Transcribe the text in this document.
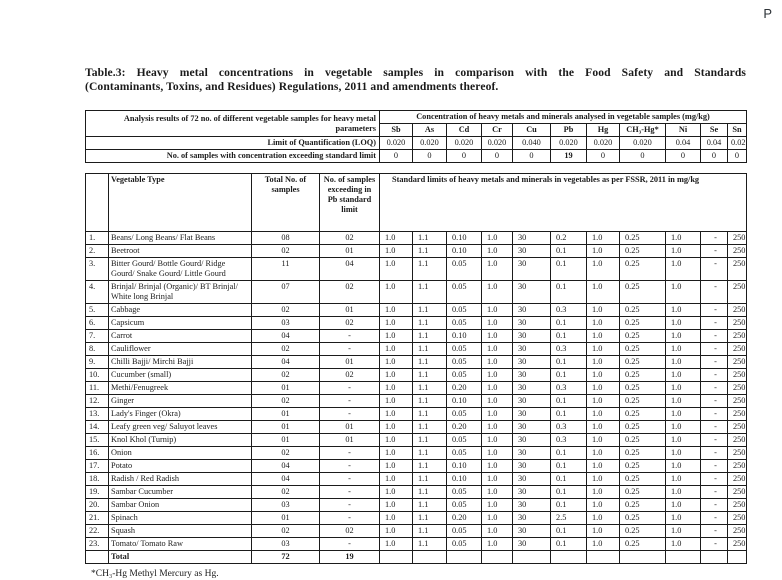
P
Table.3: Heavy metal concentrations in vegetable samples in comparison with the Food Safety and Standards
(Contaminants, Toxins, and Residues) Regulations, 2011 and amendments thereof.
Analysis results of 72 no. of different vegetable samples for heavy metal parameters	Concentration of heavy metals and minerals analysed in vegetable samples (mg/kg)										
	Sb	As	Cd	Cr	Cu	Pb	Hg	CH₃-Hg*	Ni	Se	Sn
Limit of Quantification (LOQ)	0.020	0.020	0.020	0.020	0.040	0.020	0.020	0.020	0.04	0.04	0.02
No. of samples with concentration exceeding standard limit	0	0	0	0	0	19	0	0	0	0	0
	Vegetable Type	Total No. of samples	No. of samples exceeding in Pb standard limit	Standard limits of heavy metals and minerals in vegetables as per FSSR, 2011 in mg/kg										
1.	Beans/ Long Beans/ Flat Beans	08	02	1.0	1.1	0.10	1.0	30	0.2	1.0	0.25	1.0	-	250
2.	Beetroot	02	01	1.0	1.1	0.10	1.0	30	0.1	1.0	0.25	1.0	-	250
3.	Bitter Gourd/ Bottle Gourd/ Ridge Gourd/ Snake Gourd/ Little Gourd	11	04	1.0	1.1	0.05	1.0	30	0.1	1.0	0.25	1.0	-	250
4.	Brinjal/ Brinjal (Organic)/ BT Brinjal/ White long Brinjal	07	02	1.0	1.1	0.05	1.0	30	0.1	1.0	0.25	1.0	-	250
5.	Cabbage	02	01	1.0	1.1	0.05	1.0	30	0.3	1.0	0.25	1.0	-	250
6.	Capsicum	03	02	1.0	1.1	0.05	1.0	30	0.1	1.0	0.25	1.0	-	250
7.	Carrot	04	-	1.0	1.1	0.10	1.0	30	0.1	1.0	0.25	1.0	-	250
8.	Cauliflower	02	-	1.0	1.1	0.05	1.0	30	0.3	1.0	0.25	1.0	-	250
9.	Chilli Bajji/ Mirchi Bajji	04	01	1.0	1.1	0.05	1.0	30	0.1	1.0	0.25	1.0	-	250
10.	Cucumber (small)	02	02	1.0	1.1	0.05	1.0	30	0.1	1.0	0.25	1.0	-	250
11.	Methi/Fenugreek	01	-	1.0	1.1	0.20	1.0	30	0.3	1.0	0.25	1.0	-	250
12.	Ginger	02	-	1.0	1.1	0.10	1.0	30	0.1	1.0	0.25	1.0	-	250
13.	Lady's Finger (Okra)	01	-	1.0	1.1	0.05	1.0	30	0.1	1.0	0.25	1.0	-	250
14.	Leafy green veg/ Saluyot leaves	01	01	1.0	1.1	0.20	1.0	30	0.3	1.0	0.25	1.0	-	250
15.	Knol Khol (Turnip)	01	01	1.0	1.1	0.05	1.0	30	0.3	1.0	0.25	1.0	-	250
16.	Onion	02	-	1.0	1.1	0.05	1.0	30	0.1	1.0	0.25	1.0	-	250
17.	Potato	04	-	1.0	1.1	0.10	1.0	30	0.1	1.0	0.25	1.0	-	250
18.	Radish / Red Radish	04	-	1.0	1.1	0.10	1.0	30	0.1	1.0	0.25	1.0	-	250
19.	Sambar Cucumber	02	-	1.0	1.1	0.05	1.0	30	0.1	1.0	0.25	1.0	-	250
20.	Sambar Onion	03	-	1.0	1.1	0.05	1.0	30	0.1	1.0	0.25	1.0	-	250
21.	Spinach	01	-	1.0	1.1	0.20	1.0	30	2.5	1.0	0.25	1.0	-	250
22.	Squash	02	02	1.0	1.1	0.05	1.0	30	0.1	1.0	0.25	1.0	-	250
23.	Tomato/ Tomato Raw	03	-	1.0	1.1	0.05	1.0	30	0.1	1.0	0.25	1.0	-	250
	Total	72	19											
*CH₃-Hg Methyl Mercury as Hg.
